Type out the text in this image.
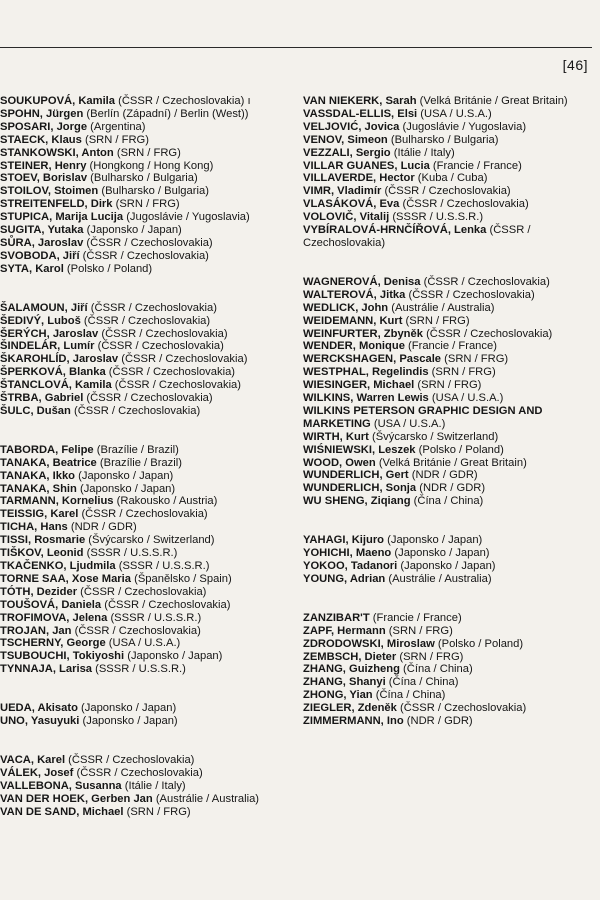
[46]
SOUKUPOVÁ, Kamila (ČSSR / Czechoslovakia) ı
SPOHN, Jürgen (Berlín (Západní) / Berlin (West))
SPOSARI, Jorge (Argentina)
STAECK, Klaus (SRN / FRG)
STANKOWSKI, Anton (SRN / FRG)
STEINER, Henry (Hongkong / Hong Kong)
STOEV, Borislav (Bulharsko / Bulgaria)
STOILOV, Stoimen (Bulharsko / Bulgaria)
STREITENFELD, Dirk (SRN / FRG)
STUPICA, Marija Lucija (Jugoslávie / Yugoslavia)
SUGITA, Yutaka (Japonsko / Japan)
SŮRA, Jaroslav (ČSSR / Czechoslovakia)
SVOBODA, Jiří (ČSSR / Czechoslovakia)
SYTA, Karol (Polsko / Poland)
ŠALAMOUN, Jiří (ČSSR / Czechoslovakia)
ŠEDIVÝ, Luboš (ČSSR / Czechoslovakia)
ŠERÝCH, Jaroslav (ČSSR / Czechoslovakia)
ŠINDELÁR, Lumír (ČSSR / Czechoslovakia)
ŠKAROHLÍD, Jaroslav (ČSSR / Czechoslovakia)
ŠPERKOVÁ, Blanka (ČSSR / Czechoslovakia)
ŠTANCLOVÁ, Kamila (ČSSR / Czechoslovakia)
ŠTRBA, Gabriel (ČSSR / Czechoslovakia)
ŠULC, Dušan (ČSSR / Czechoslovakia)
TABORDA, Felipe (Brazílie / Brazil)
TANAKA, Beatrice (Brazílie / Brazil)
TANAKA, Ikko (Japonsko / Japan)
TANAKA, Shin (Japonsko / Japan)
TARMANN, Kornelius (Rakousko / Austria)
TEISSIG, Karel (ČSSR / Czechoslovakia)
TICHA, Hans (NDR / GDR)
TISSI, Rosmarie (Švýcarsko / Switzerland)
TIŠKOV, Leonid (SSSR / U.S.S.R.)
TKAČENKO, Ljudmila (SSSR / U.S.S.R.)
TORNE SAA, Xose Maria (Španělsko / Spain)
TÓTH, Dezider (ČSSR / Czechoslovakia)
TOUŠOVÁ, Daniela (ČSSR / Czechoslovakia)
TROFIMOVA, Jelena (SSSR / U.S.S.R.)
TROJAN, Jan (ČSSR / Czechoslovakia)
TSCHERNY, George (USA / U.S.A.)
TSUBOUCHI, Tokiyoshi (Japonsko / Japan)
TYNNAJA, Larisa (SSSR / U.S.S.R.)
UEDA, Akisato (Japonsko / Japan)
UNO, Yasuyuki (Japonsko / Japan)
VACA, Karel (ČSSR / Czechoslovakia)
VÁLEK, Josef (ČSSR / Czechoslovakia)
VALLEBONA, Susanna (Itálie / Italy)
VAN DER HOEK, Gerben Jan (Austrálie / Australia)
VAN DE SAND, Michael (SRN / FRG)
VAN NIEKERK, Sarah (Velká Británie / Great Britain)
VASSDAL-ELLIS, Elsi (USA / U.S.A.)
VELJOVIĆ, Jovica (Jugoslávie / Yugoslavia)
VENOV, Simeon (Bulharsko / Bulgaria)
VEZZALI, Sergio (Itálie / Italy)
VILLAR GUANES, Lucia (Francie / France)
VILLAVERDE, Hector (Kuba / Cuba)
VIMR, Vladimír (ČSSR / Czechoslovakia)
VLASÁKOVÁ, Eva (ČSSR / Czechoslovakia)
VOLOVIČ, Vitalij (SSSR / U.S.S.R.)
VYBÍRALOVÁ-HRNČÍŘOVÁ, Lenka (ČSSR / Czechoslovakia)
WAGNEROVÁ, Denisa (ČSSR / Czechoslovakia)
WALTEROVÁ, Jitka (ČSSR / Czechoslovakia)
WEDLICK, John (Austrálie / Australia)
WEIDEMANN, Kurt (SRN / FRG)
WEINFURTER, Zbyněk (ČSSR / Czechoslovakia)
WENDER, Monique (Francie / France)
WERCKSHAGEN, Pascale (SRN / FRG)
WESTPHAL, Regelindis (SRN / FRG)
WIESINGER, Michael (SRN / FRG)
WILKINS, Warren Lewis (USA / U.S.A.)
WILKINS PETERSON GRAPHIC DESIGN AND MARKETING (USA / U.S.A.)
WIRTH, Kurt (Švýcarsko / Switzerland)
WIŚNIEWSKI, Leszek (Polsko / Poland)
WOOD, Owen (Velká Británie / Great Britain)
WUNDERLICH, Gert (NDR / GDR)
WUNDERLICH, Sonja (NDR / GDR)
WU SHENG, Ziqiang (Čína / China)
YAHAGI, Kijuro (Japonsko / Japan)
YOHICHI, Maeno (Japonsko / Japan)
YOKOO, Tadanori (Japonsko / Japan)
YOUNG, Adrian (Austrálie / Australia)
ZANZIBAR'T (Francie / France)
ZAPF, Hermann (SRN / FRG)
ZDRODOWSKI, Miroslaw (Polsko / Poland)
ZEMBSCH, Dieter (SRN / FRG)
ZHANG, Guizheng (Čína / China)
ZHANG, Shanyi (Čína / China)
ZHONG, Yian (Čína / China)
ZIEGLER, Zdeněk (ČSSR / Czechoslovakia)
ZIMMERMANN, Ino (NDR / GDR)
